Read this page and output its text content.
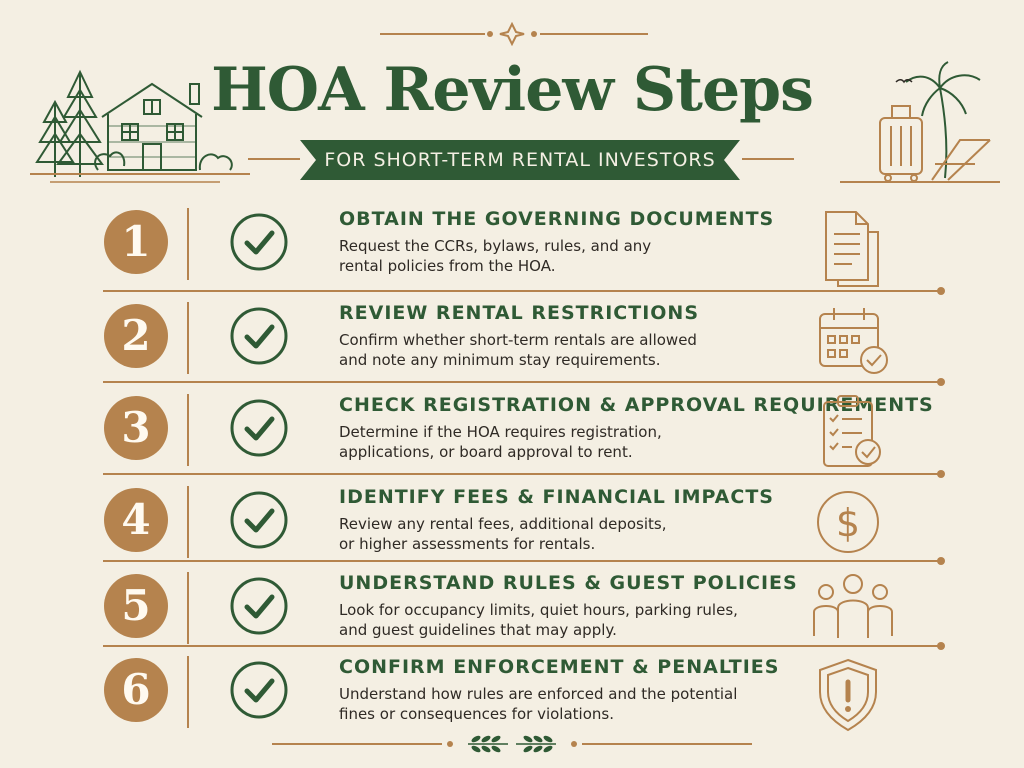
HOA Review Steps
FOR SHORT-TERM RENTAL INVESTORS
1	OBTAIN THE GOVERNING DOCUMENTS
Request the CCRs, bylaws, rules, and any
rental policies from the HOA.
2	REVIEW RENTAL RESTRICTIONS
Confirm whether short-term rentals are allowed
and note any minimum stay requirements.
3	CHECK REGISTRATION & APPROVAL REQUIREMENTS
Determine if the HOA requires registration,
applications, or board approval to rent.
4	IDENTIFY FEES & FINANCIAL IMPACTS
Review any rental fees, additional deposits,
or higher assessments for rentals.	$
5	UNDERSTAND RULES & GUEST POLICIES
Look for occupancy limits, quiet hours, parking rules,
and guest guidelines that may apply.
6	CONFIRM ENFORCEMENT & PENALTIES
Understand how rules are enforced and the potential
fines or consequences for violations.
